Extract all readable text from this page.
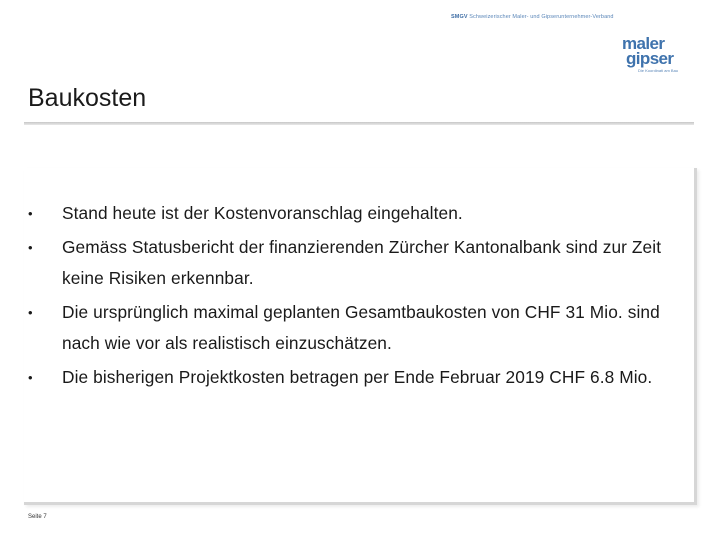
SMGV Schweizerischer Maler- und Gipserunternehmer-Verband
maler
gipser
Die Koordinati am Bau
Baukosten
•	Stand heute ist der Kostenvoranschlag eingehalten.
•	Gemäss Statusbericht der finanzierenden Zürcher Kantonalbank sind zur Zeit keine Risiken erkennbar.
•	Die ursprünglich maximal geplanten Gesamtbaukosten von CHF 31 Mio. sind nach wie vor als realistisch einzuschätzen.
•	Die bisherigen Projektkosten betragen per Ende Februar 2019 CHF 6.8 Mio.
Seite 7
